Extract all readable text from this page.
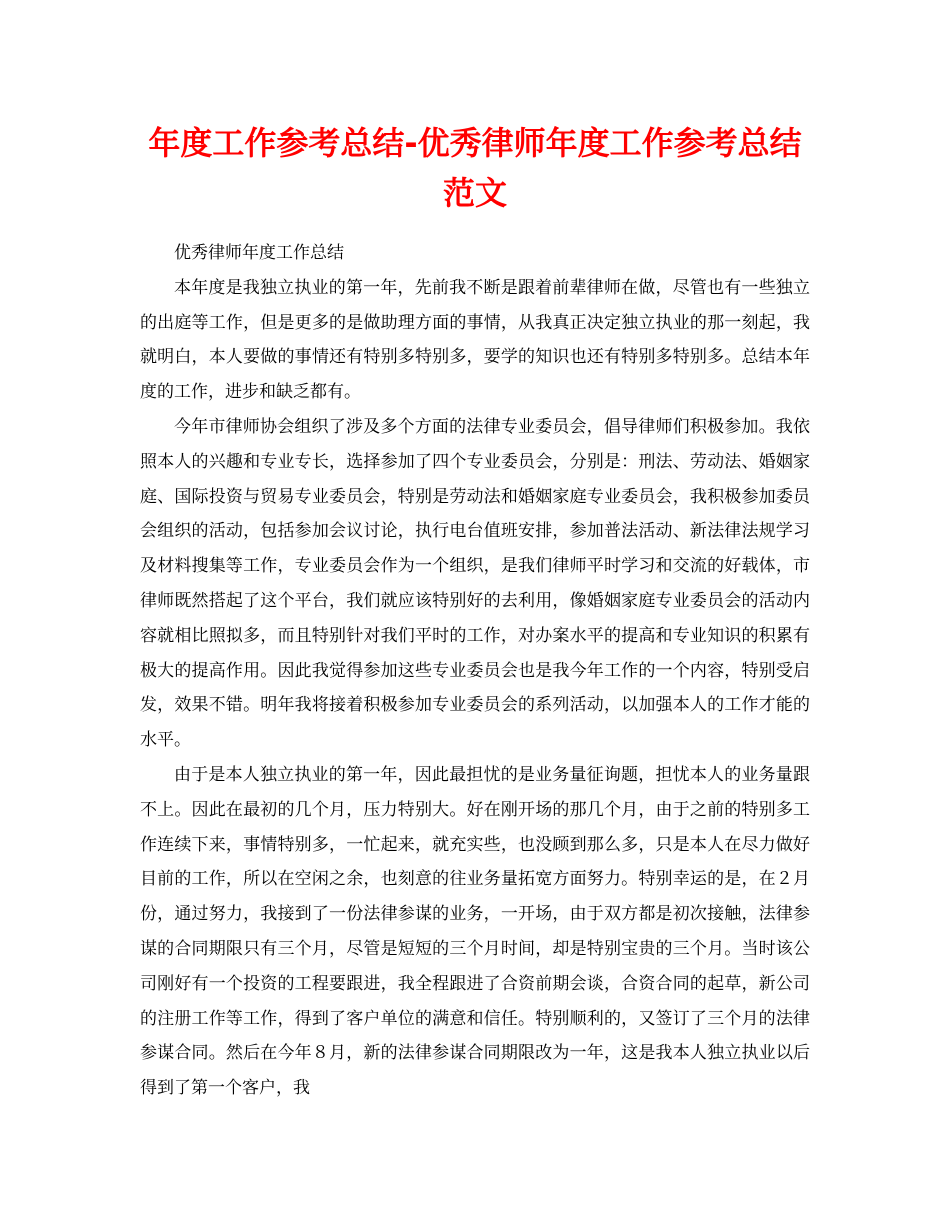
年度工作参考总结-优秀律师年度工作参考总结范文

优秀律师年度工作总结

本年度是我独立执业的第一年，先前我不断是跟着前辈律师在做，尽管也有一些独立的出庭等工作，但是更多的是做助理方面的事情，从我真正决定独立执业的那一刻起，我就明白，本人要做的事情还有特别多特别多，要学的知识也还有特别多特别多。总结本年度的工作，进步和缺乏都有。

今年市律师协会组织了涉及多个方面的法律专业委员会，倡导律师们积极参加。我依照本人的兴趣和专业专长，选择参加了四个专业委员会，分别是：刑法、劳动法、婚姻家庭、国际投资与贸易专业委员会，特别是劳动法和婚姻家庭专业委员会，我积极参加委员会组织的活动，包括参加会议讨论，执行电台值班安排，参加普法活动、新法律法规学习及材料搜集等工作，专业委员会作为一个组织，是我们律师平时学习和交流的好载体，市律师既然搭起了这个平台，我们就应该特别好的去利用，像婚姻家庭专业委员会的活动内容就相比照拟多，而且特别针对我们平时的工作，对办案水平的提高和专业知识的积累有极大的提高作用。因此我觉得参加这些专业委员会也是我今年工作的一个内容，特别受启发，效果不错。明年我将接着积极参加专业委员会的系列活动，以加强本人的工作才能的水平。

由于是本人独立执业的第一年，因此最担忧的是业务量征询题，担忧本人的业务量跟不上。因此在最初的几个月，压力特别大。好在刚开场的那几个月，由于之前的特别多工作连续下来，事情特别多，一忙起来，就充实些，也没顾到那么多，只是本人在尽力做好目前的工作，所以在空闲之余，也刻意的往业务量拓宽方面努力。特别幸运的是，在２月份，通过努力，我接到了一份法律参谋的业务，一开场，由于双方都是初次接触，法律参谋的合同期限只有三个月，尽管是短短的三个月时间，却是特别宝贵的三个月。当时该公司刚好有一个投资的工程要跟进，我全程跟进了合资前期会谈，合资合同的起草，新公司的注册工作等工作，得到了客户单位的满意和信任。特别顺利的，又签订了三个月的法律参谋合同。然后在今年８月，新的法律参谋合同期限改为一年，这是我本人独立执业以后得到了第一个客户，我
